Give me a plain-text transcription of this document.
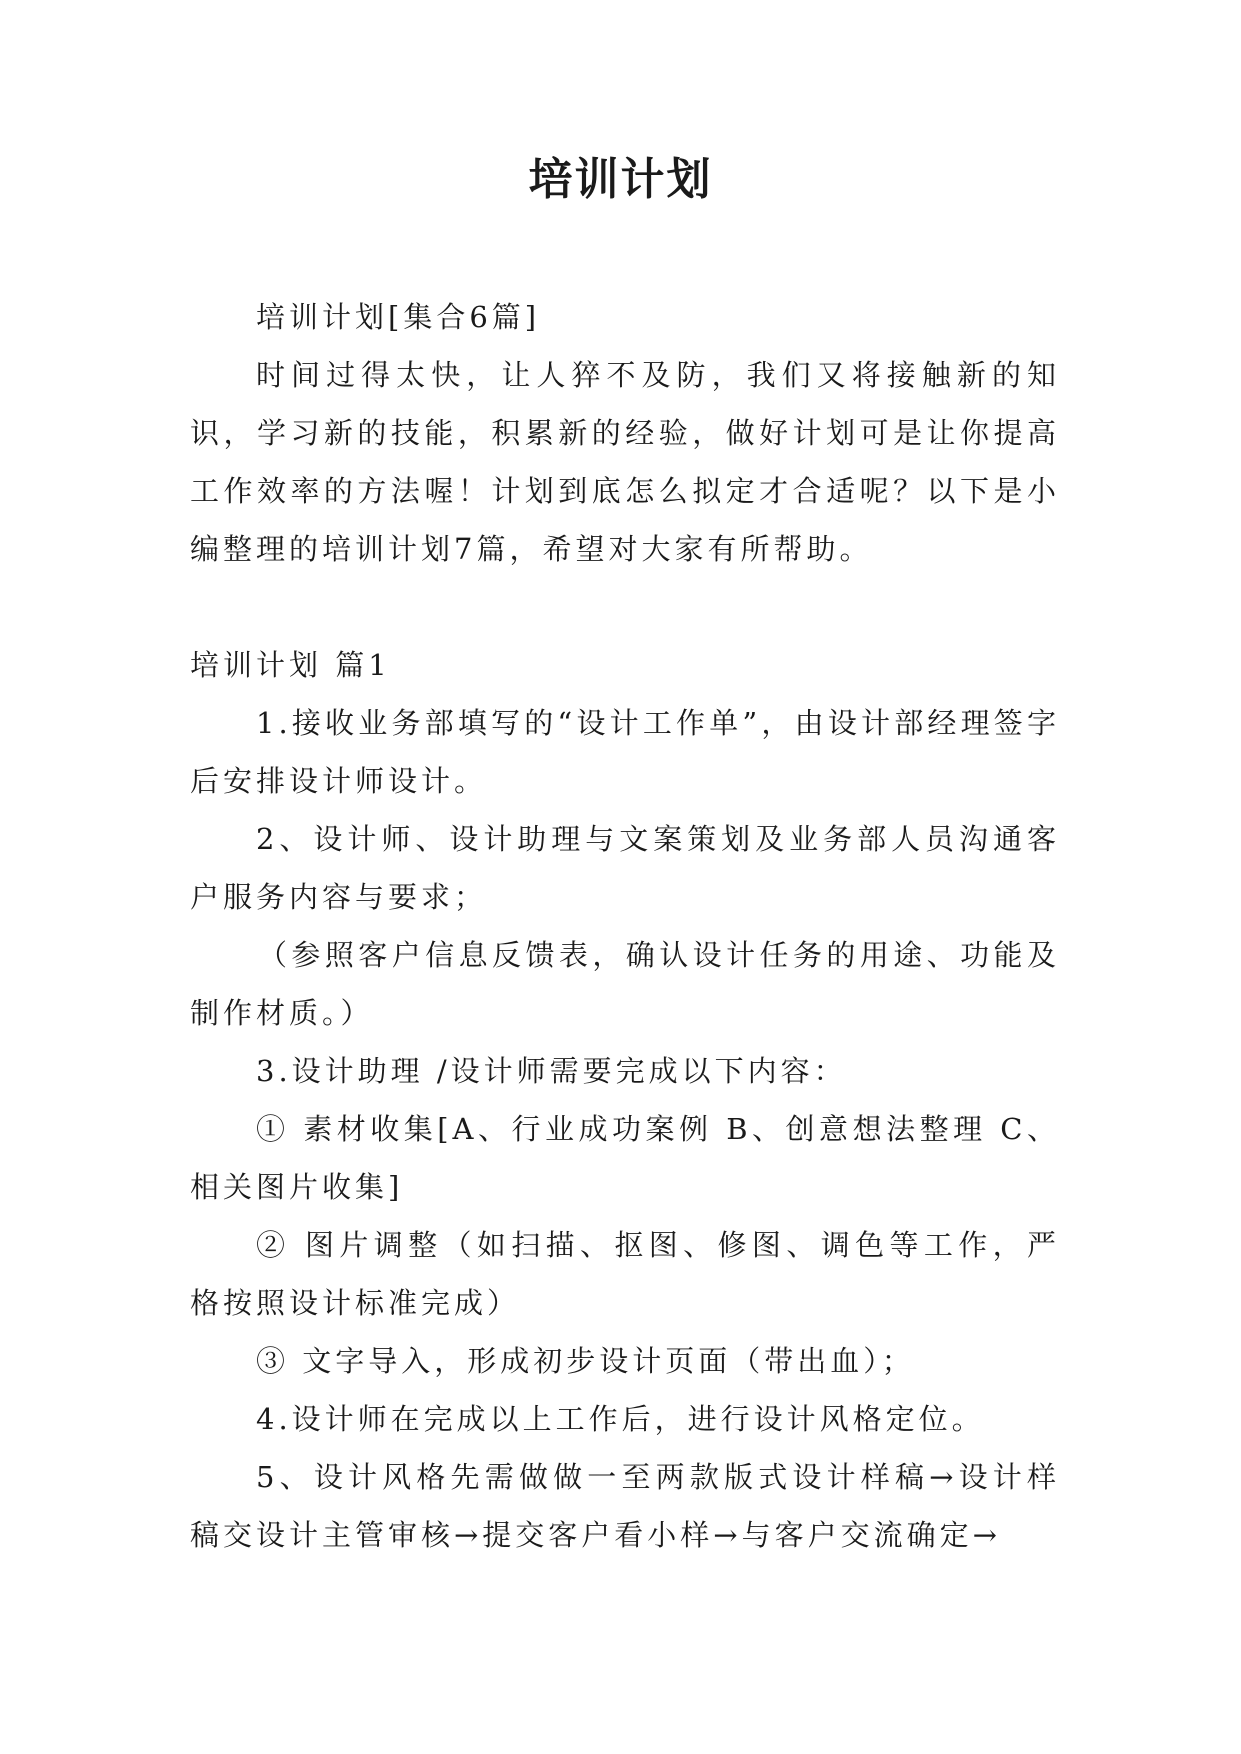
培训计划

培训计划[集合6篇]

时间过得太快，让人猝不及防，我们又将接触新的知识，学习新的技能，积累新的经验，做好计划可是让你提高工作效率的方法喔！计划到底怎么拟定才合适呢？以下是小编整理的培训计划7篇，希望对大家有所帮助。

培训计划 篇1

1.接收业务部填写的“设计工作单”，由设计部经理签字后安排设计师设计。

2、设计师、设计助理与文案策划及业务部人员沟通客户服务内容与要求；

（参照客户信息反馈表，确认设计任务的用途、功能及制作材质。）

3.设计助理 /设计师需要完成以下内容：

① 素材收集[A、行业成功案例 B、创意想法整理 C、相关图片收集]

② 图片调整（如扫描、抠图、修图、调色等工作，严格按照设计标准完成）

③ 文字导入，形成初步设计页面（带出血）；

4.设计师在完成以上工作后，进行设计风格定位。

5、设计风格先需做做一至两款版式设计样稿→设计样稿交设计主管审核→提交客户看小样→与客户交流确定→
